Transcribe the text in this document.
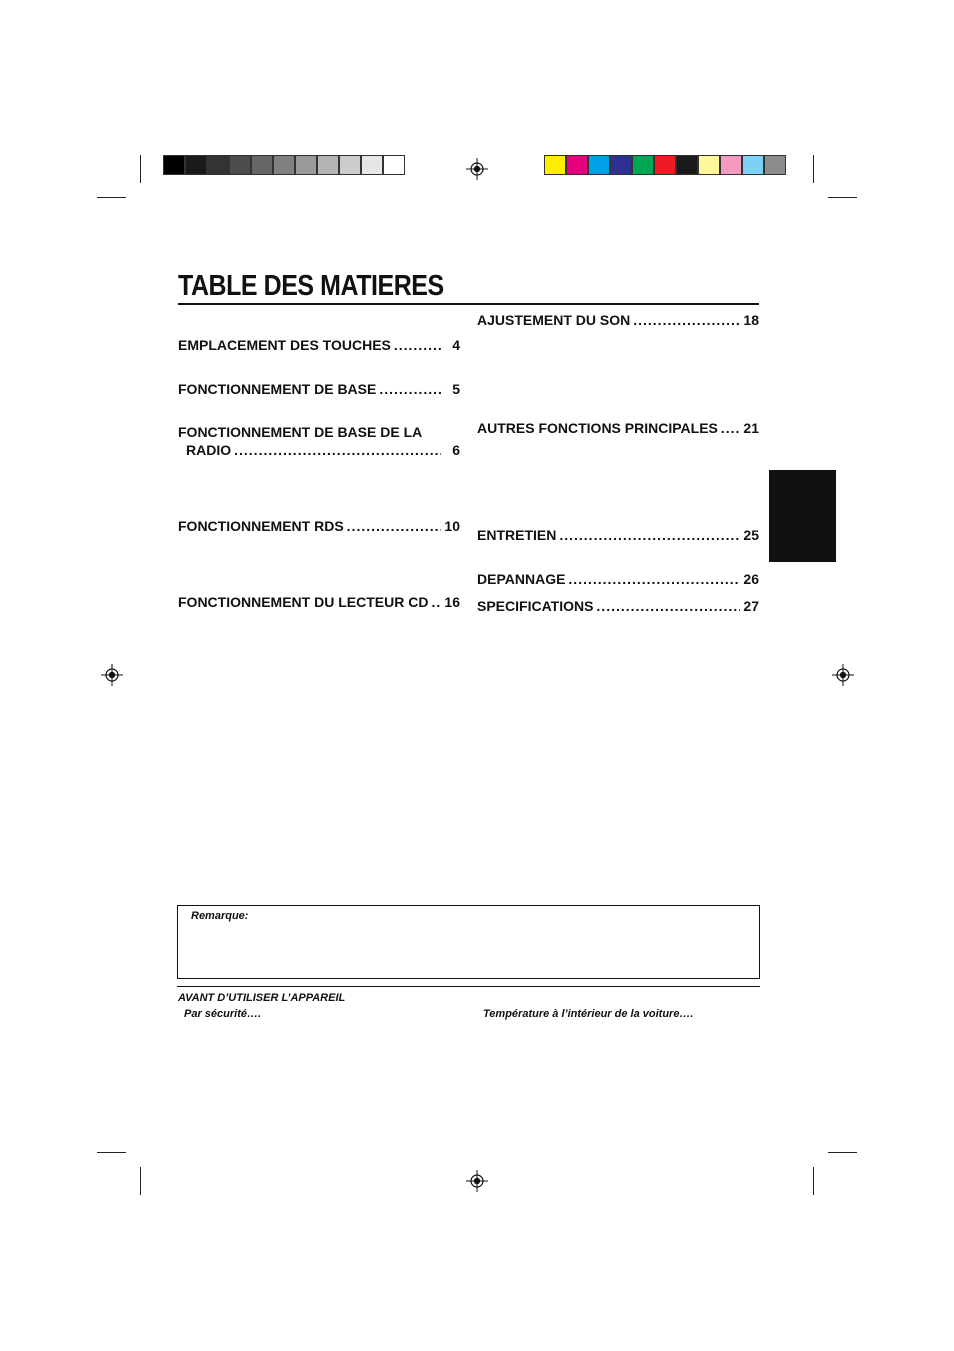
TABLE DES MATIERES
EMPLACEMENT DES TOUCHES .....	4
FONCTIONNEMENT DE BASE .....	5
FONCTIONNEMENT DE BASE DE LA
RADIO .....	6
FONCTIONNEMENT RDS .....	10
FONCTIONNEMENT DU LECTEUR CD ..... 16
AJUSTEMENT DU SON .....	18
AUTRES FONCTIONS PRINCIPALES ..... 21
ENTRETIEN .....	25
DEPANNAGE .....	26
SPECIFICATIONS .....	27
Remarque:
AVANT D’UTILISER L’APPAREIL
Par sécurité….	Température à l’intérieur de la voiture….
